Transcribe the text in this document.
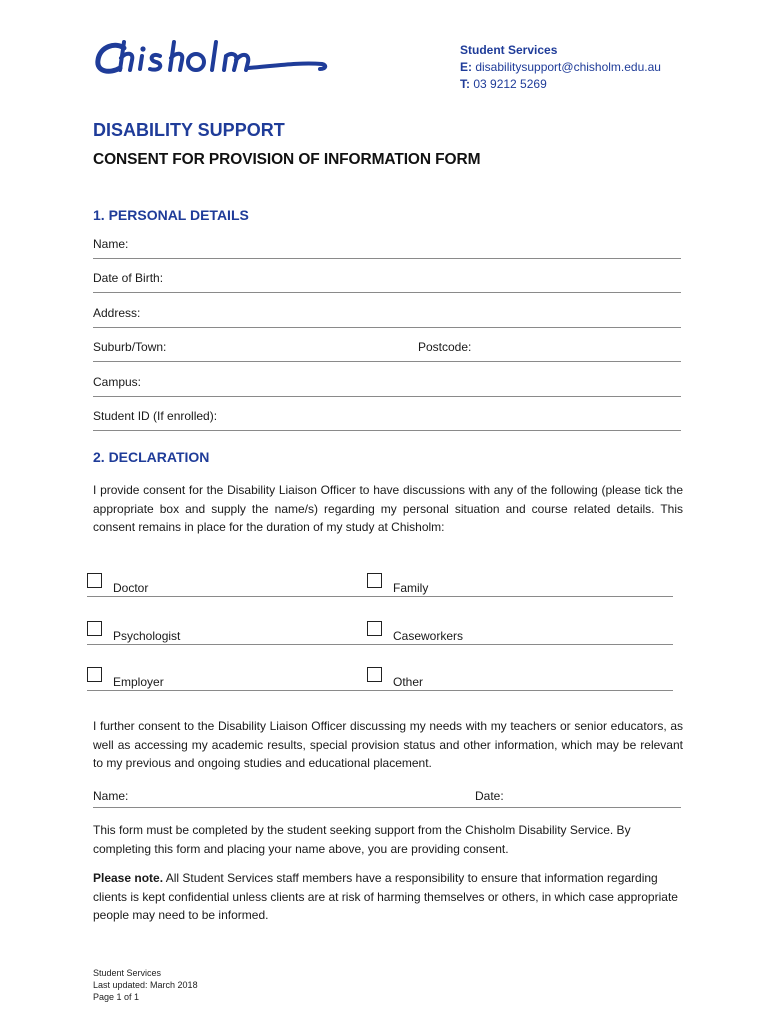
Student Services
E: disabilitysupport@chisholm.edu.au
T: 03 9212 5269
DISABILITY SUPPORT
CONSENT FOR PROVISION OF INFORMATION FORM
1. PERSONAL DETAILS
Name:
Date of Birth:
Address:
Suburb/Town:	Postcode:
Campus:
Student ID (If enrolled):
2. DECLARATION

I provide consent for the Disability Liaison Officer to have discussions with any of the following (please tick the appropriate box and supply the name/s) regarding my personal situation and course related details. This consent remains in place for the duration of my study at Chisholm:

Doctor	Family
Psychologist	Caseworkers
Employer	Other

I further consent to the Disability Liaison Officer discussing my needs with my teachers or senior educators, as well as accessing my academic results, special provision status and other information, which may be relevant to my previous and ongoing studies and educational placement.

Name:	Date:

This form must be completed by the student seeking support from the Chisholm Disability Service. By completing this form and placing your name above, you are providing consent.

Please note. All Student Services staff members have a responsibility to ensure that information regarding clients is kept confidential unless clients are at risk of harming themselves or others, in which case appropriate people may need to be informed.

Student Services
Last updated: March 2018
Page 1 of 1
